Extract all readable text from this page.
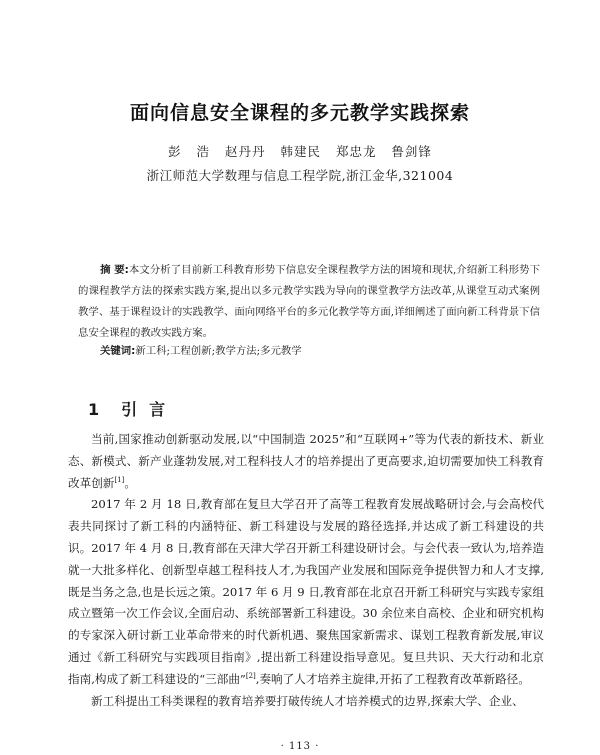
面向信息安全课程的多元教学实践探索
彭 浩 赵丹丹 韩建民 郑忠龙 鲁剑锋
浙江师范大学数理与信息工程学院,浙江金华,321004
摘 要:本文分析了目前新工科教育形势下信息安全课程教学方法的困境和现状,介绍新工科形势下的课程教学方法的探索实践方案,提出以多元教学实践为导向的课堂教学方法改革,从课堂互动式案例教学、基于课程设计的实践教学、面向网络平台的多元化教学等方面,详细阐述了面向新工科背景下信息安全课程的教改实践方案。
关键词:新工科;工程创新;教学方法;多元教学
1 引言

当前,国家推动创新驱动发展,以“中国制造 2025”和“互联网+”等为代表的新技术、新业态、新模式、新产业蓬勃发展,对工程科技人才的培养提出了更高要求,迫切需要加快工科教育改革创新[1]。

2017 年 2 月 18 日,教育部在复旦大学召开了高等工程教育发展战略研讨会,与会高校代表共同探讨了新工科的内涵特征、新工科建设与发展的路径选择,并达成了新工科建设的共识。2017 年 4 月 8 日,教育部在天津大学召开新工科建设研讨会。与会代表一致认为,培养造就一大批多样化、创新型卓越工程科技人才,为我国产业发展和国际竞争提供智力和人才支撑,既是当务之急,也是长远之策。2017 年 6 月 9 日,教育部在北京召开新工科研究与实践专家组成立暨第一次工作会议,全面启动、系统部署新工科建设。30 余位来自高校、企业和研究机构的专家深入研讨新工业革命带来的时代新机遇、聚焦国家新需求、谋划工程教育新发展,审议通过《新工科研究与实践项目指南》,提出新工科建设指导意见。复旦共识、天大行动和北京指南,构成了新工科建设的“三部曲”[2],奏响了人才培养主旋律,开拓了工程教育改革新路径。

新工科提出工科类课程的教育培养要打破传统人才培养模式的边界,探索大学、企业、

· 113 ·
